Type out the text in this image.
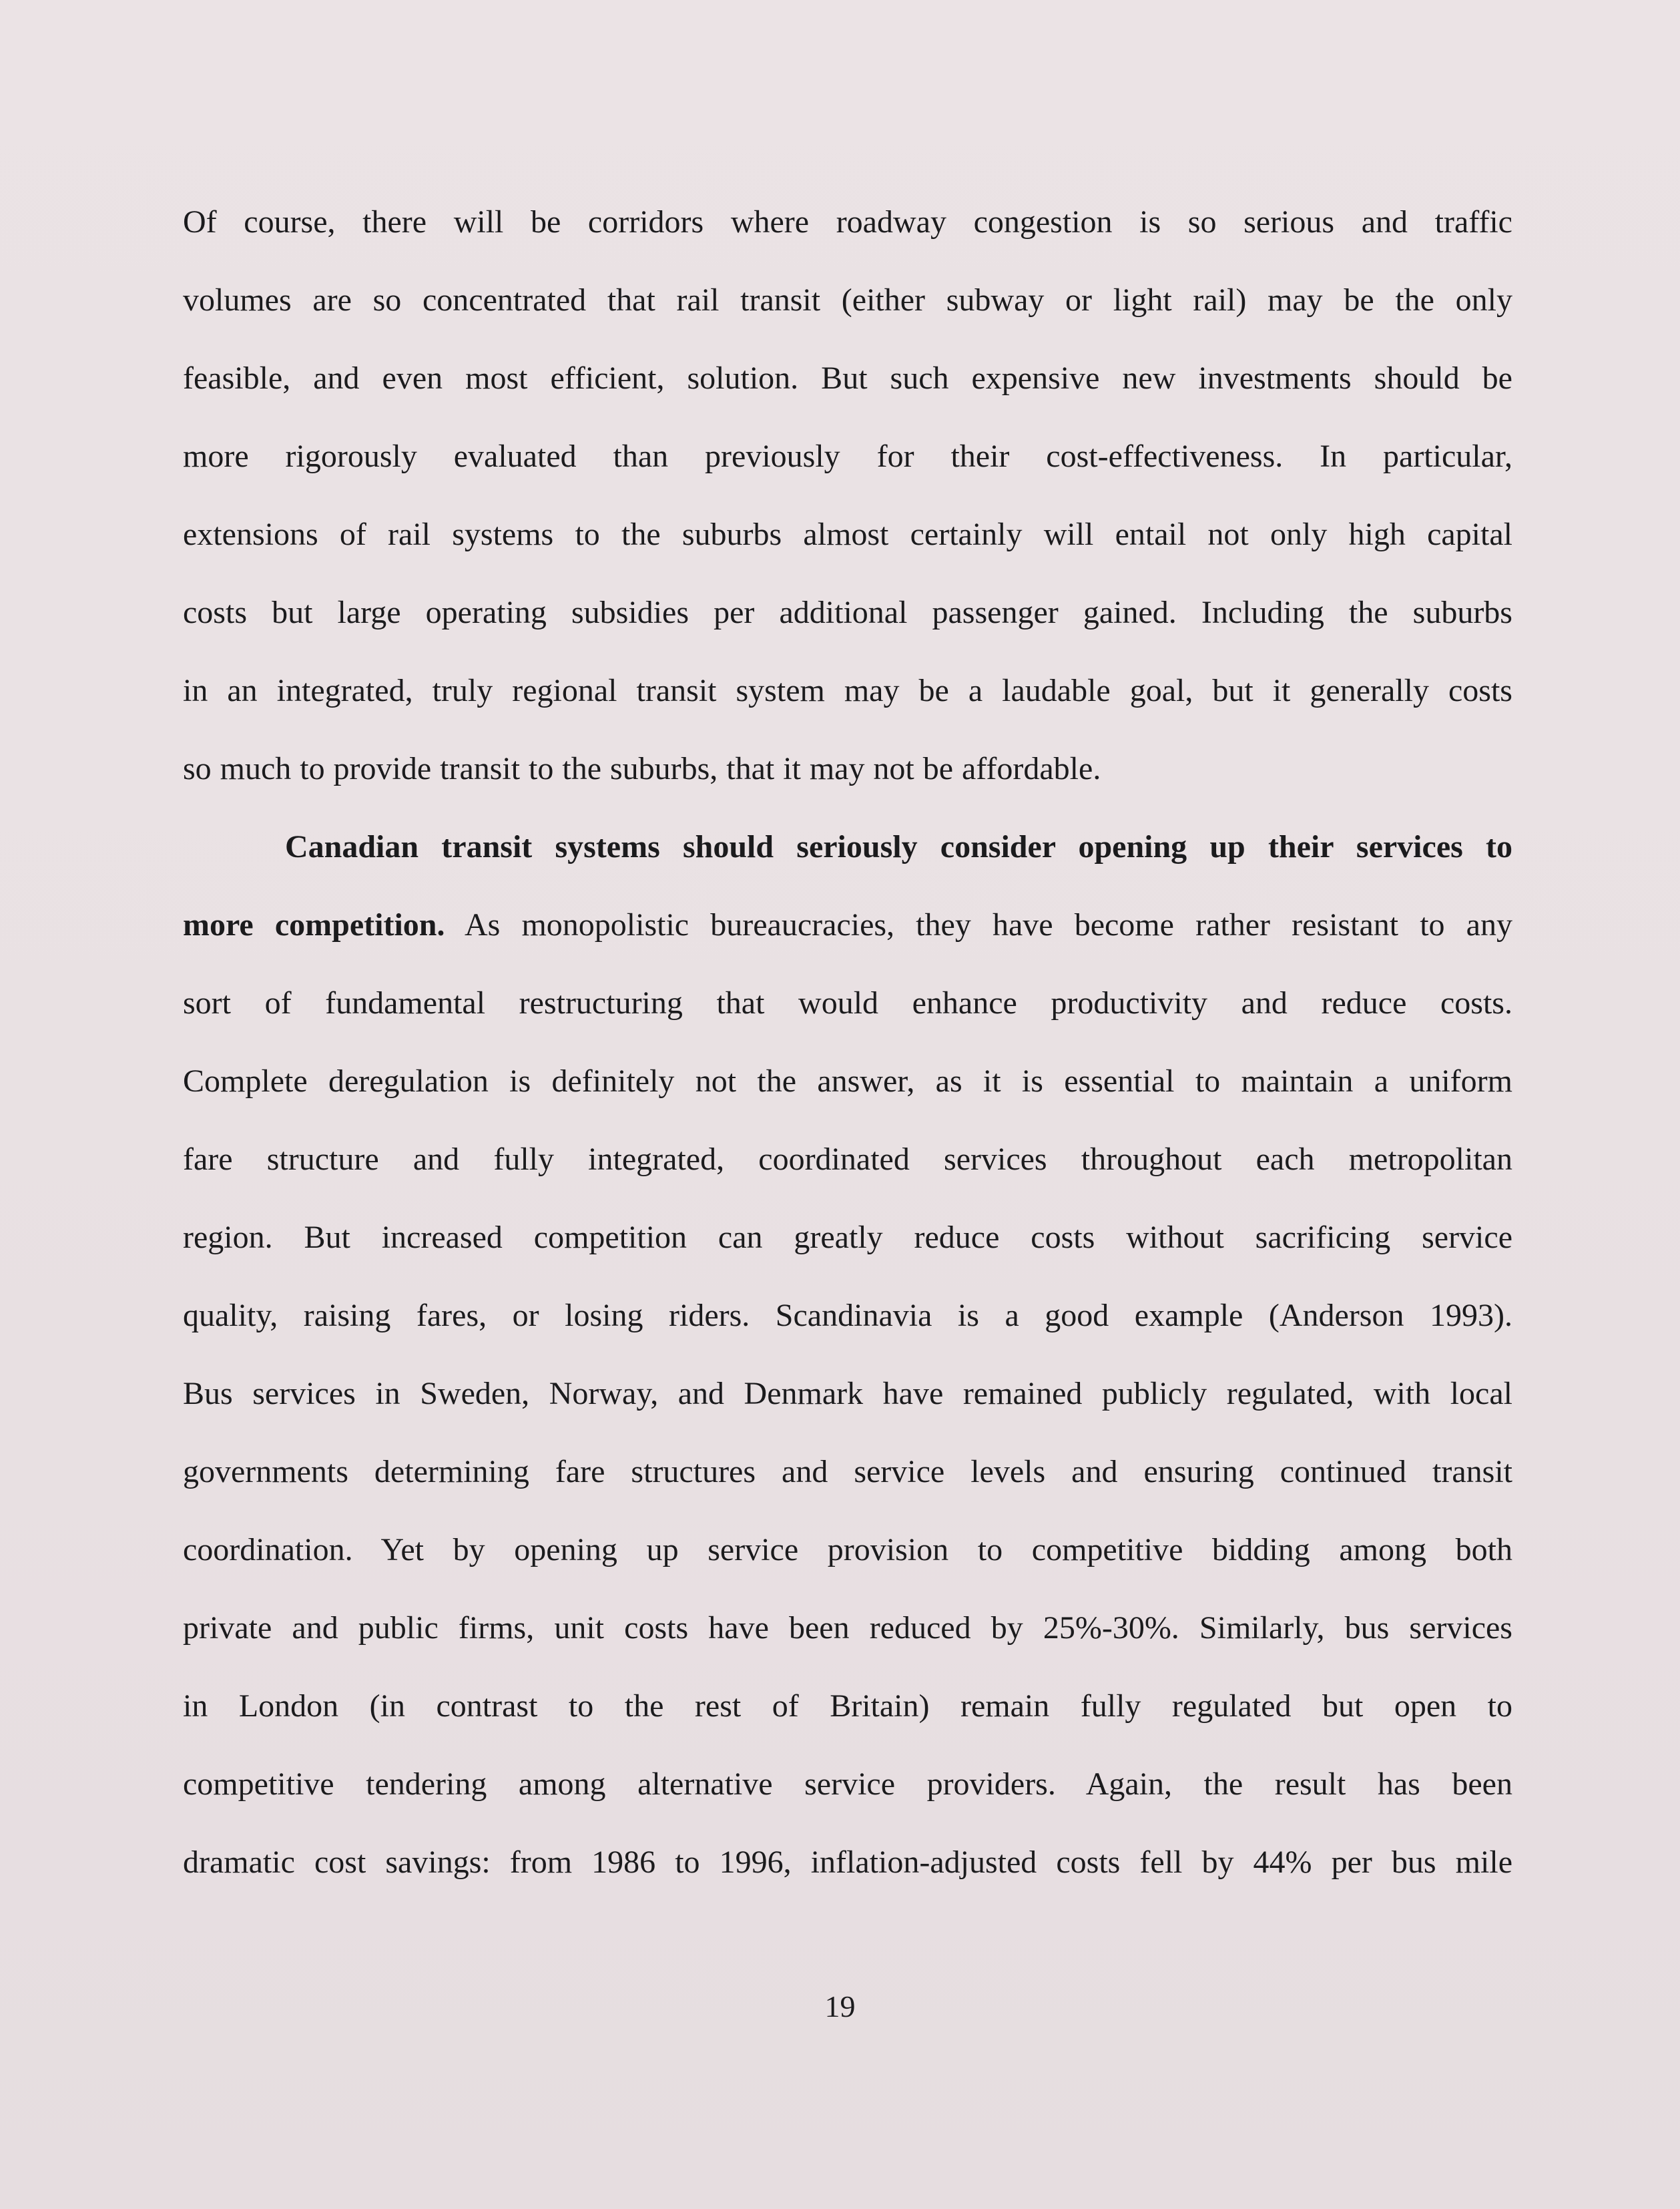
Of course, there will be corridors where roadway congestion is so serious and traffic
volumes are so concentrated that rail transit (either subway or light rail) may be the only
feasible, and even most efficient, solution. But such expensive new investments should be
more rigorously evaluated than previously for their cost-effectiveness. In particular,
extensions of rail systems to the suburbs almost certainly will entail not only high capital
costs but large operating subsidies per additional passenger gained. Including the suburbs
in an integrated, truly regional transit system may be a laudable goal, but it generally costs
so much to provide transit to the suburbs, that it may not be affordable.
Canadian transit systems should seriously consider opening up their services to
more competition. As monopolistic bureaucracies, they have become rather resistant to any
sort of fundamental restructuring that would enhance productivity and reduce costs.
Complete deregulation is definitely not the answer, as it is essential to maintain a uniform
fare structure and fully integrated, coordinated services throughout each metropolitan
region. But increased competition can greatly reduce costs without sacrificing service
quality, raising fares, or losing riders. Scandinavia is a good example (Anderson 1993).
Bus services in Sweden, Norway, and Denmark have remained publicly regulated, with local
governments determining fare structures and service levels and ensuring continued transit
coordination. Yet by opening up service provision to competitive bidding among both
private and public firms, unit costs have been reduced by 25%-30%. Similarly, bus services
in London (in contrast to the rest of Britain) remain fully regulated but open to
competitive tendering among alternative service providers. Again, the result has been
dramatic cost savings: from 1986 to 1996, inflation-adjusted costs fell by 44% per bus mile
19
